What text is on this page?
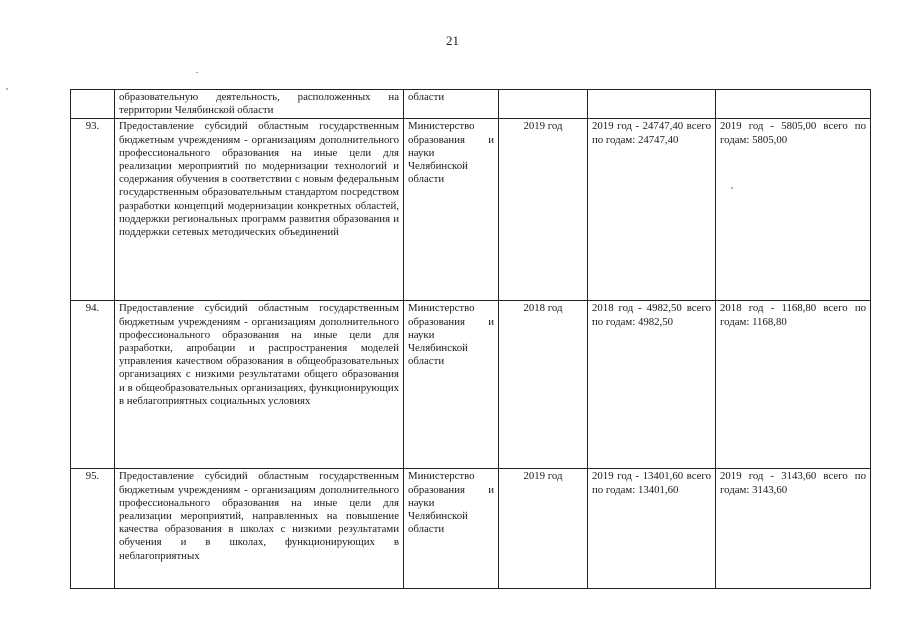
21
	образовательную деятельность, расположенных на территории Челябинской области	области			
93.	Предоставление субсидий областным государственным бюджетным учреждениям - организациям дополнительного профессионального образования на иные цели для реализации мероприятий по модернизации технологий и содержания обучения в соответствии с новым федеральным государственным образовательным стандартом посредством разработки концепций модернизации конкретных областей, поддержки региональных программ развития образования и поддержки сетевых методических объединений	Министерство образования и науки Челябинской области	2019 год	2019 год - 24747,40 всего по годам: 24747,40	2019 год - 5805,00 всего по годам: 5805,00
94.	Предоставление субсидий областным государственным бюджетным учреждениям - организациям дополнительного профессионального образования на иные цели для разработки, апробации и распространения моделей управления качеством образования в общеобразовательных организациях с низкими результатами общего образования и в общеобразовательных организациях, функционирующих в неблагоприятных социальных условиях	Министерство образования и науки Челябинской области	2018 год	2018 год - 4982,50 всего по годам: 4982,50	2018 год - 1168,80 всего по годам: 1168,80
95.	Предоставление субсидий областным государственным бюджетным учреждениям - организациям дополнительного профессионального образования на иные цели для реализации мероприятий, направленных на повышение качества образования в школах с низкими результатами обучения и в школах, функционирующих в неблагоприятных	Министерство образования и науки Челябинской области	2019 год	2019 год - 13401,60 всего по годам: 13401,60	2019 год - 3143,60 всего по годам: 3143,60
